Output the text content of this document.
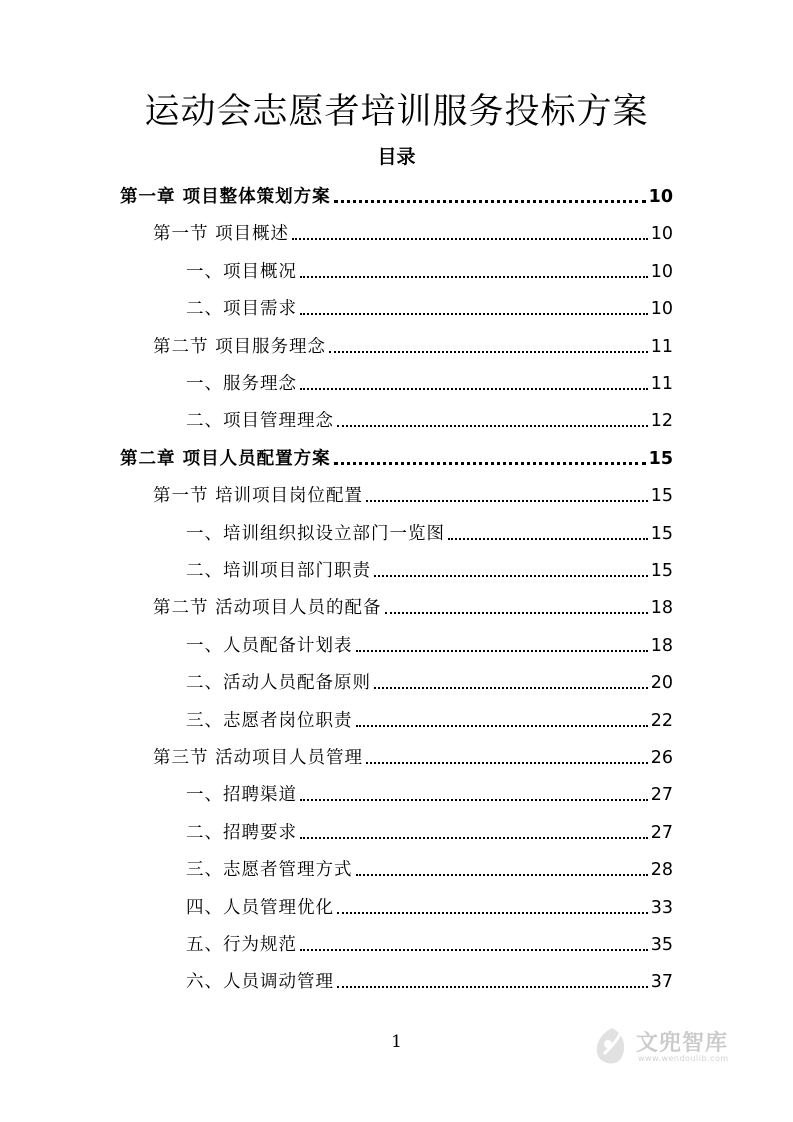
运动会志愿者培训服务投标方案
目录
第一章 项目整体策划方案	10
第一节 项目概述	10
一、项目概况	10
二、项目需求	10
第二节 项目服务理念	11
一、服务理念	11
二、项目管理理念	12
第二章 项目人员配置方案	15
第一节 培训项目岗位配置	15
一、培训组织拟设立部门一览图	15
二、培训项目部门职责	15
第二节 活动项目人员的配备	18
一、人员配备计划表	18
二、活动人员配备原则	20
三、志愿者岗位职责	22
第三节 活动项目人员管理	26
一、招聘渠道	27
二、招聘要求	27
三、志愿者管理方式	28
四、人员管理优化	33
五、行为规范	35
六、人员调动管理	37
1	文兜智库
www.wendoulib.com
